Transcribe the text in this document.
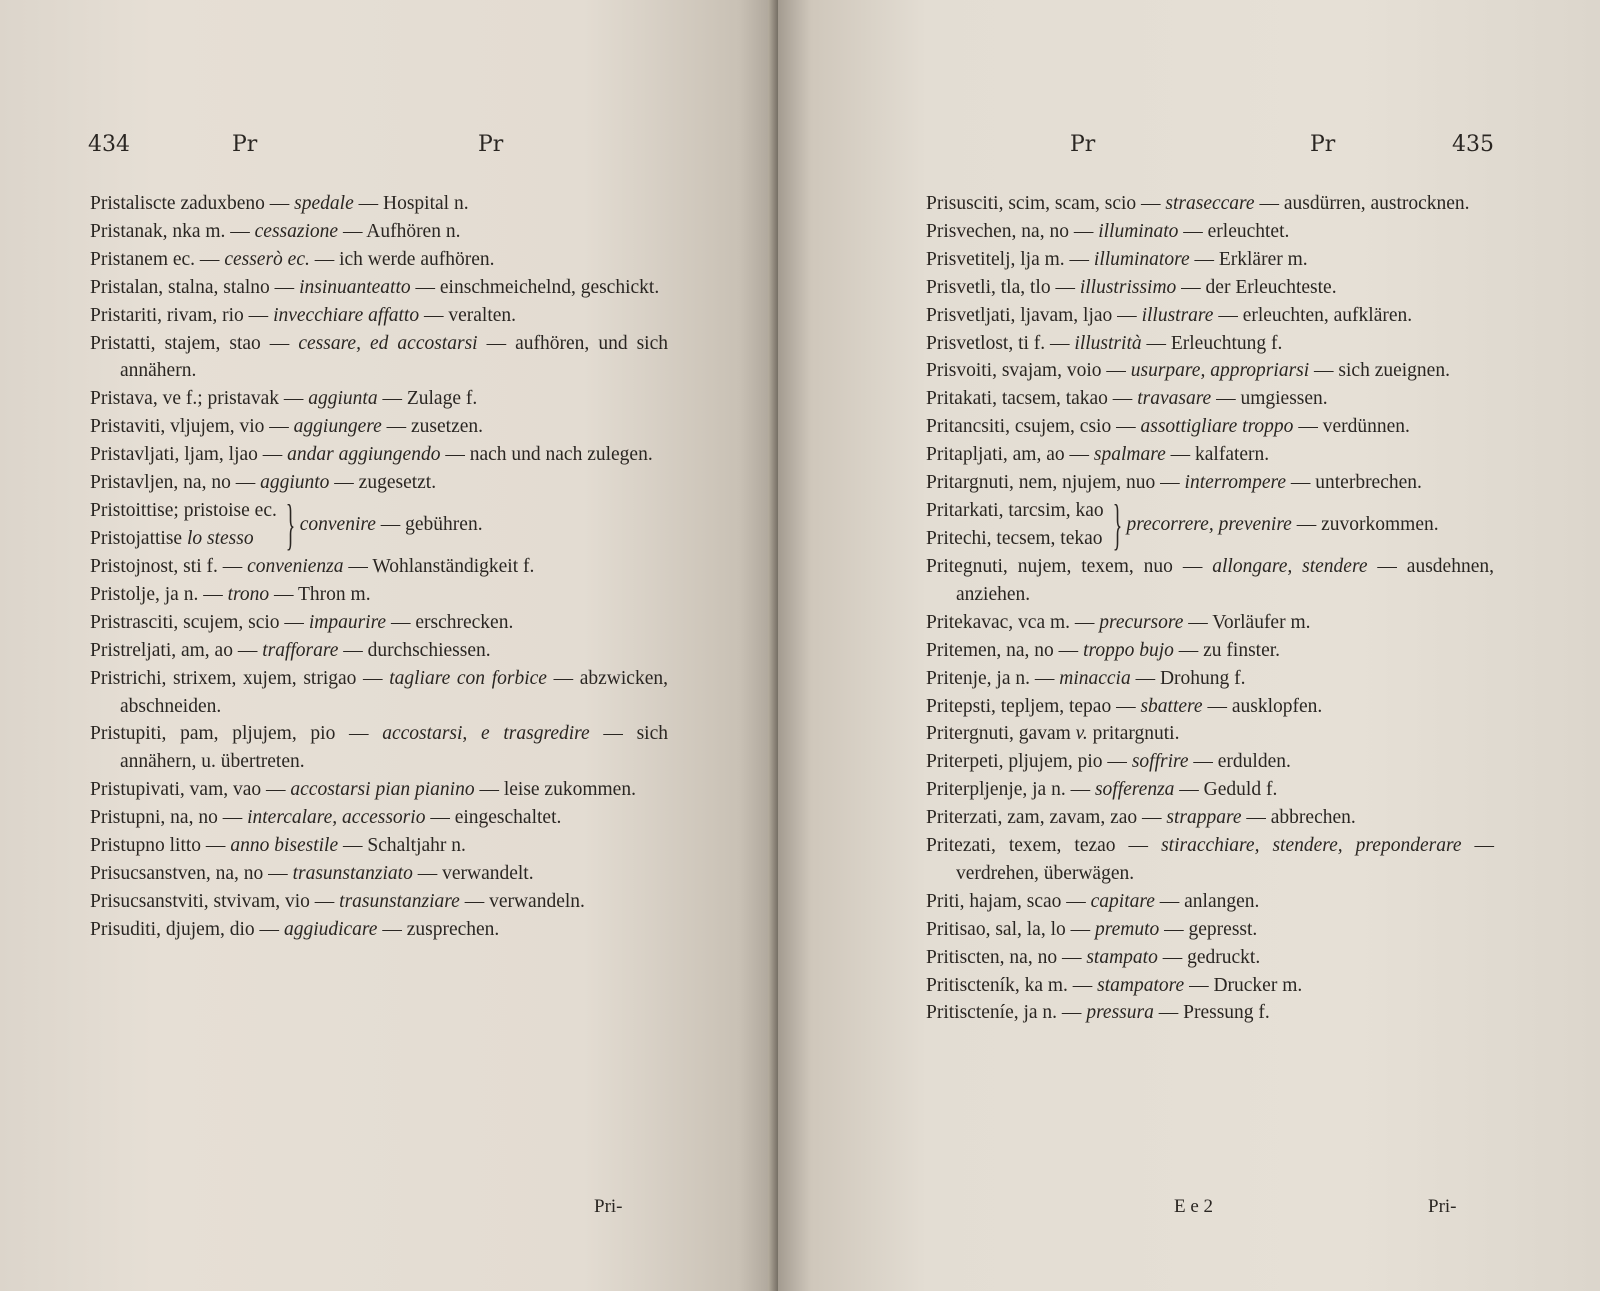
434	Pr	Pr
Pristaliscte zaduxbeno — spedale — Hospital n.
Pristanak, nka m. — cessazione — Aufhören n.
Pristanem ec. — cesserò ec. — ich werde aufhören.
Pristalan, stalna, stalno — insinuanteatto — einschmeichelnd, geschickt.
Pristariti, rivam, rio — invecchiare affatto — veralten.
Pristatti, stajem, stao — cessare, ed accostarsi — aufhören, und sich annähern.
Pristava, ve f.; pristavak — aggiunta — Zulage f.
Pristaviti, vljujem, vio — aggiungere — zusetzen.
Pristavljati, ljam, ljao — andar aggiungendo — nach und nach zulegen.
Pristavljen, na, no — aggiunto — zugesetzt.
Pristoittise; pristoise ec.
Pristojattise lo stesso } convenire — gebühren.
Pristojnost, sti f. — convenienza — Wohlanständigkeit f.
Pristolje, ja n. — trono — Thron m.
Pristrasciti, scujem, scio — impaurire — erschrecken.
Pristreljati, am, ao — trafforare — durchschiessen.
Pristrichi, strixem, xujem, strigao — tagliare con forbice — abzwicken, abschneiden.
Pristupiti, pam, pljujem, pio — accostarsi, e trasgredire — sich annähern, u. übertreten.
Pristupivati, vam, vao — accostarsi pian pianino — leise zukommen.
Pristupni, na, no — intercalare, accessorio — eingeschaltet.
Pristupno litto — anno bisestile — Schaltjahr n.
Prisucsanstven, na, no — trasunstanziato — verwandelt.
Prisucsanstviti, stvivam, vio — trasunstanziare — verwandeln.
Prisuditi, djujem, dio — aggiudicare — zusprechen.
Pri-
Pr	Pr	435
Prisusciti, scim, scam, scio — straseccare — ausdürren, austrocknen.
Prisvechen, na, no — illuminato — erleuchtet.
Prisvetitelj, lja m. — illuminatore — Erklärer m.
Prisvetli, tla, tlo — illustrissimo — der Erleuchteste.
Prisvetljati, ljavam, ljao — illustrare — erleuchten, aufklären.
Prisvetlost, ti f. — illustrità — Erleuchtung f.
Prisvoiti, svajam, voio — usurpare, appropriarsi — sich zueignen.
Pritakati, tacsem, takao — travasare — umgiessen.
Pritancsiti, csujem, csio — assottigliare troppo — verdünnen.
Pritapljati, am, ao — spalmare — kalfatern.
Pritargnuti, nem, njujem, nuo — interrompere — unterbrechen.
Pritarkati, tarcsim, kao
Pritechi, tecsem, tekao } precorrere, prevenire — zuvorkommen.
Pritegnuti, nujem, texem, nuo — allongare, stendere — ausdehnen, anziehen.
Pritekavac, vca m. — precursore — Vorläufer m.
Pritemen, na, no — troppo bujo — zu finster.
Pritenje, ja n. — minaccia — Drohung f.
Pritepsti, tepljem, tepao — sbattere — ausklopfen.
Pritergnuti, gavam v. pritargnuti.
Priterpeti, pljujem, pio — soffrire — erdulden.
Priterpljenje, ja n. — sofferenza — Geduld f.
Priterzati, zam, zavam, zao — strappare — abbrechen.
Pritezati, texem, tezao — stiracchiare, stendere, preponderare — verdrehen, überwägen.
Priti, hajam, scao — capitare — anlangen.
Pritisao, sal, la, lo — premuto — gepresst.
Pritiscten, na, no — stampato — gedruckt.
Pritiscteník, ka m. — stampatore — Drucker m.
Pritiscteníe, ja n. — pressura — Pressung f.
E e 2	Pri-
